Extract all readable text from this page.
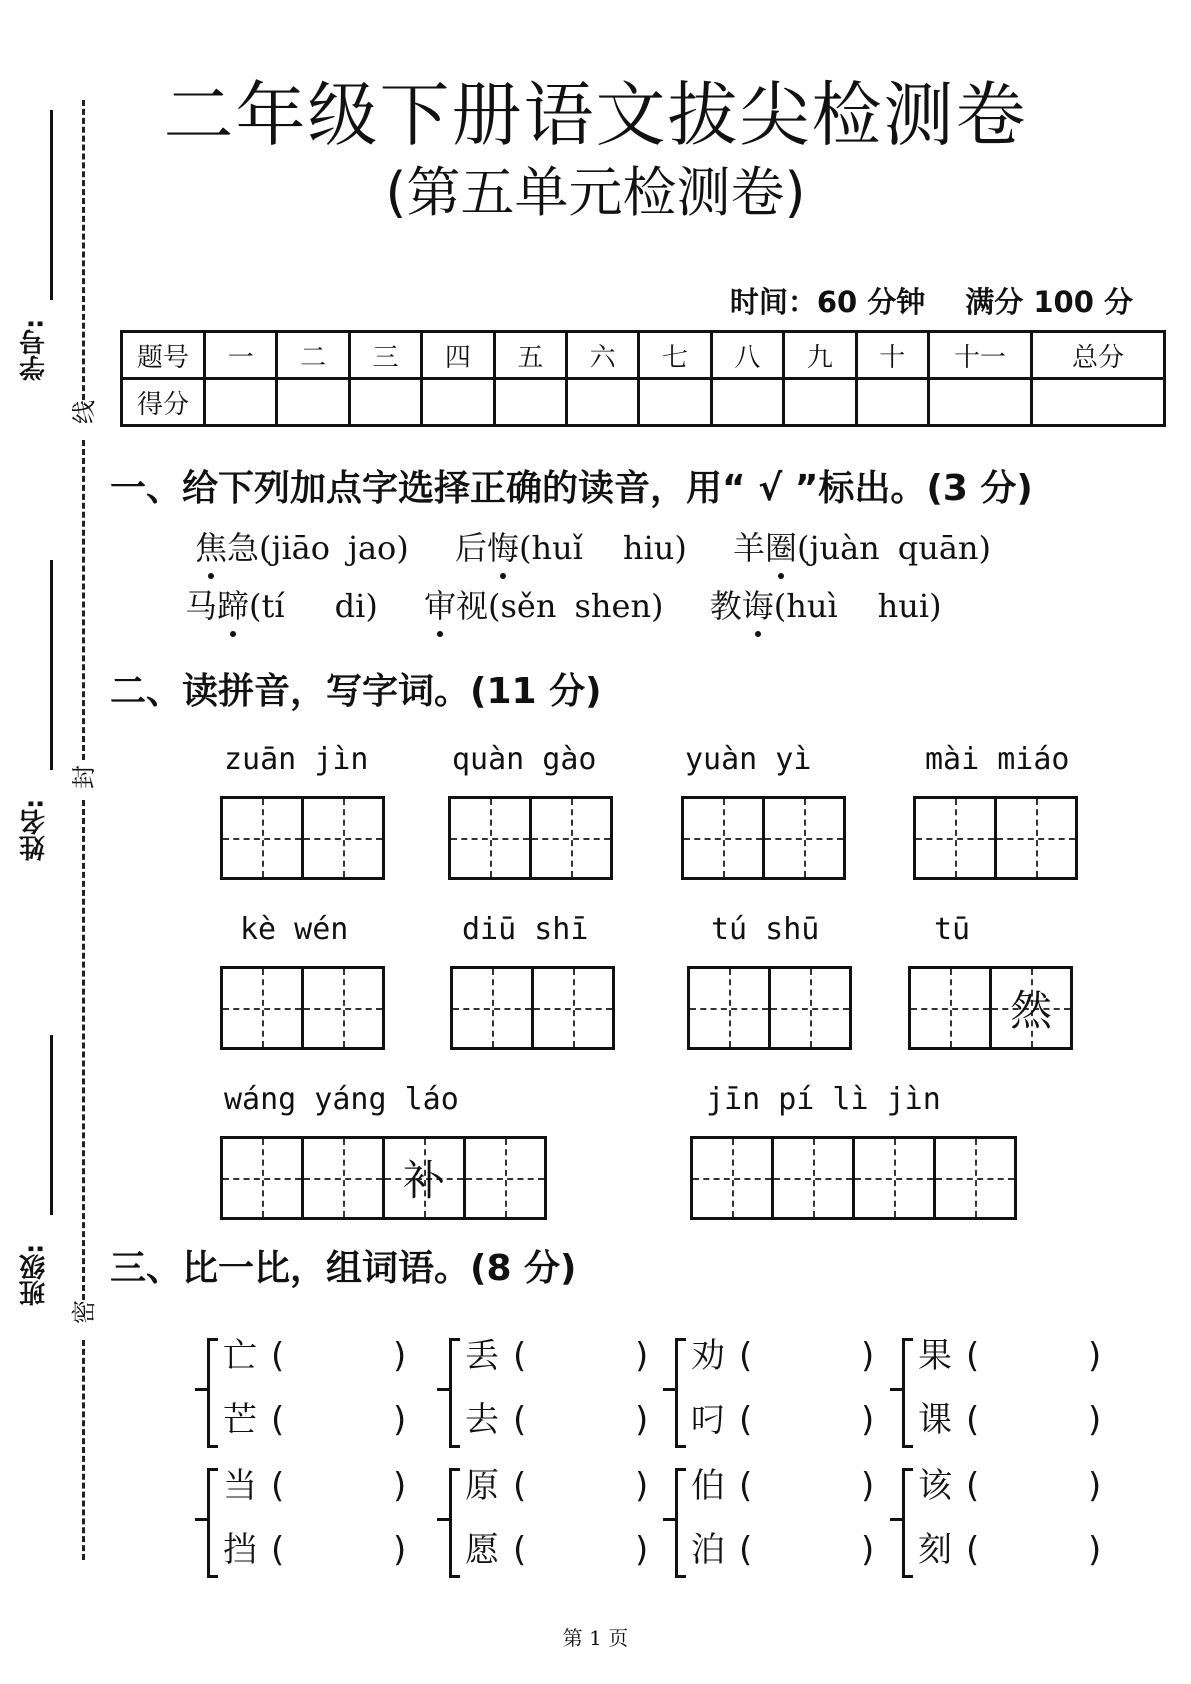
线
封
密
学号:
姓名:
班级:
二年级下册语文拔尖检测卷
(第五单元检测卷)
时间：60 分钟 满分 100 分
题号	一	二	三	四	五	六	七	八	九	十	十一	总分
得分												
一、给下列加点字选择正确的读音，用“ √ ”标出。(3 分)
焦急(jiāo jao) 后悔(huǐ hiu) 羊圈(juàn quān)
马蹄(tí di) 审视(sěn shen) 教诲(huì hui)
二、读拼音，写字词。(11 分)
zuān jìn	quàn gào	yuàn yì	mài miáo
kè wén	diū shī	tú shū	tū
然
wáng yáng láo
补
jīn pí lì jìn
三、比一比，组词语。(8 分)
亡 (	)
芒 (	)
丢 (	)
去 (	)
劝 (	)
叼 (	)
果 (	)
课 (	)
当 (	)
挡 (	)
原 (	)
愿 (	)
伯 (	)
泊 (	)
该 (	)
刻 (	)
第 1 页
